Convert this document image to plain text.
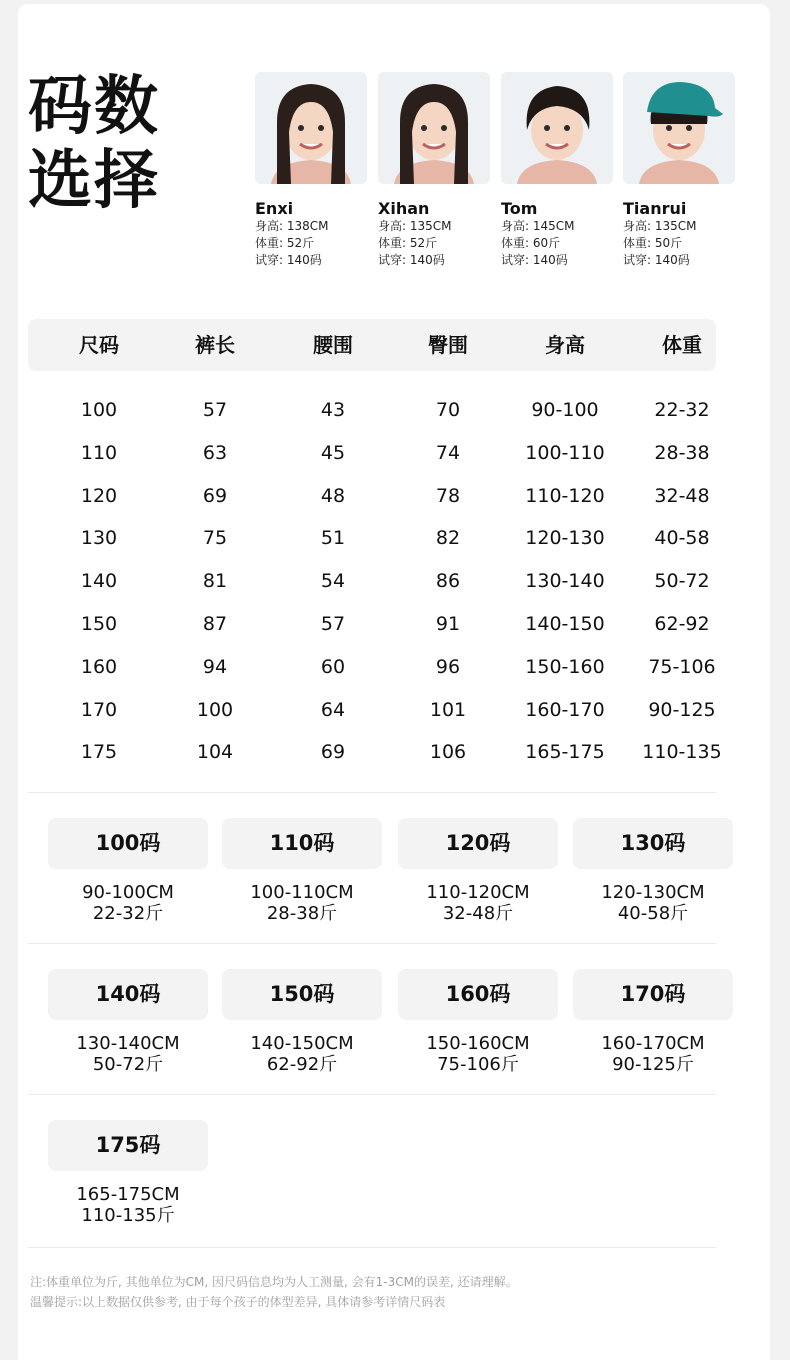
码数
选择	Enxi
身高: 138CM
体重: 52斤
试穿: 140码
Xihan
身高: 135CM
体重: 52斤
试穿: 140码
Tom
身高: 145CM
体重: 60斤
试穿: 140码
Tianrui
身高: 135CM
体重: 50斤
试穿: 140码
尺码	裤长	腰围	臀围	身高	体重
100	57	43	70	90-100	22-32
110	63	45	74	100-110	28-38
120	69	48	78	110-120	32-48
130	75	51	82	120-130	40-58
140	81	54	86	130-140	50-72
150	87	57	91	140-150	62-92
160	94	60	96	150-160	75-106
170	100	64	101	160-170	90-125
175	104	69	106	165-175	110-135
100码
90-100CM
22-32斤
110码
100-110CM
28-38斤
120码
110-120CM
32-48斤
130码
120-130CM
40-58斤
140码
130-140CM
50-72斤
150码
140-150CM
62-92斤
160码
150-160CM
75-106斤
170码
160-170CM
90-125斤
175码
165-175CM
110-135斤
注:体重单位为斤, 其他单位为CM, 因尺码信息均为人工测量, 会有1-3CM的误差, 还请理解。
温馨提示:以上数据仅供参考, 由于每个孩子的体型差异, 具体请参考详情尺码表
